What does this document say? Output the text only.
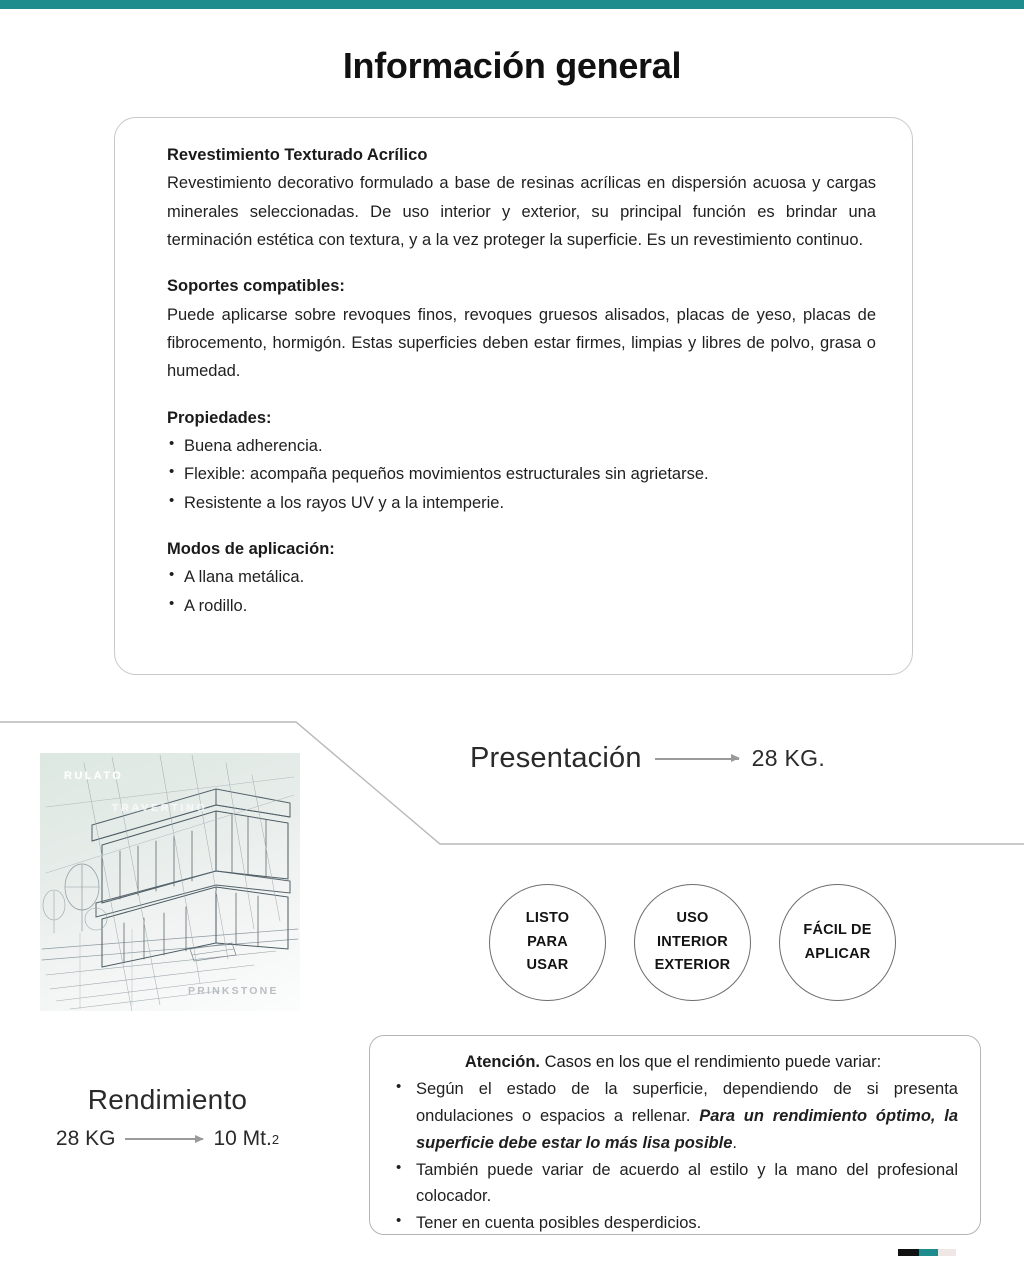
Información general
Revestimiento Texturado Acrílico

Revestimiento decorativo formulado a base de resinas acrílicas en dispersión acuosa y cargas minerales seleccionadas. De uso interior y exterior, su principal función es brindar una terminación estética con textura, y a la vez proteger la superficie. Es un revestimiento continuo.

Soportes compatibles:

Puede aplicarse sobre revoques finos, revoques gruesos alisados, placas de yeso, placas de fibrocemento, hormigón. Estas superficies deben estar firmes, limpias y libres de polvo, grasa o humedad.

Propiedades:
• Buena adherencia.
• Flexible: acompaña pequeños movimientos estructurales sin agrietarse.
• Resistente a los rayos UV y a la intemperie.
Modos de aplicación:
• A llana metálica.
• A rodillo.
RULATO
TRAVERTINO
PRINKSTONE
Presentación	28 KG.
LISTO
PARA
USAR
USO
INTERIOR
EXTERIOR
FÁCIL DE
APLICAR
Rendimiento
28 KG	10 Mt. 2
Atención. Casos en los que el rendimiento puede variar:
• Según el estado de la superficie, dependiendo de si presenta ondulaciones o espacios a rellenar. Para un rendimiento óptimo, la superficie debe estar lo más lisa posible.
• También puede variar de acuerdo al estilo y la mano del profesional colocador.
• Tener en cuenta posibles desperdicios.
